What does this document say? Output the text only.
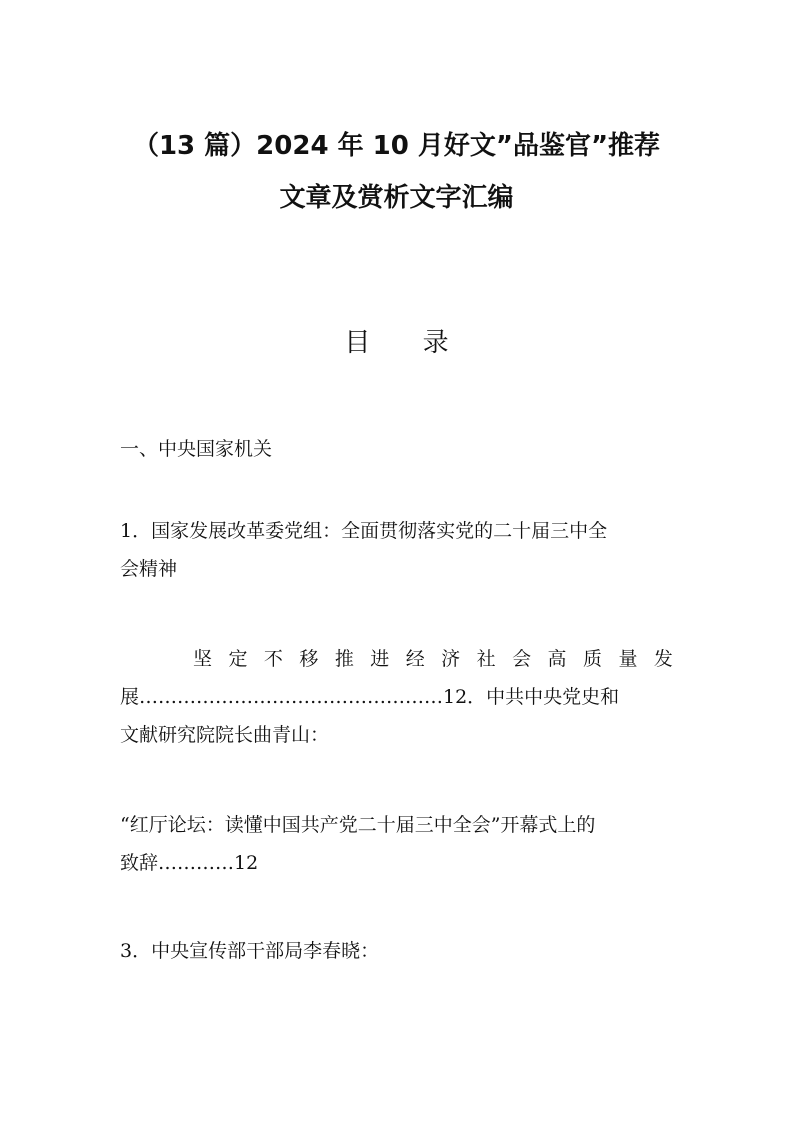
（13 篇）2024 年 10 月好文”品鉴官”推荐
文章及赏析文字汇编
目 录
一、中央国家机关
1．国家发展改革委党组：全面贯彻落实党的二十届三中全
会精神
坚 定 不 移 推 进 经 济 社 会 高 质 量 发
展…………………………………………12．中共中央党史和
文献研究院院长曲青山：
“红厅论坛：读懂中国共产党二十届三中全会”开幕式上的
致辞…………12
3．中央宣传部干部局李春晓：
